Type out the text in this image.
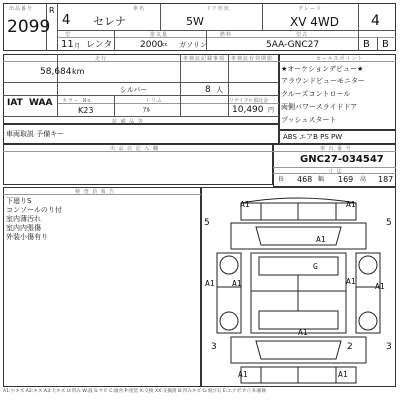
出品番号
2099
R
4
11 月
車名
セレナ
ドア形状
5W
グレード
XV 4WD 4
型	排気量	燃料	型式
レンタ	2000 cc ガソリン	5AA-GNC27	B B
走行	車検証記載事項 車検証有効期限
58,684 km
シルバー	8 人
IAT WAA カラー No.	トリム	リサイクル預託金
K23	ｱﾙ	10,490 円
装 備 品 等
車両取説 予備キー
セールスポイント
★オーケションデビュー★
アラウンドビューモニター
クルーズコントロール
両側パワースライドドア
プッシュスタート
ABS エアB PS PW
出 品 店 記 入 欄	車 台 番 号
GNC27-034547
寸 法
長 468 幅 169 高 187
検 査 員 報 告
下廻りS
コンソールのり付
室内薄汚れ
室内内張傷
外装小傷有り
A1	A1
A1
5	5
A1
A1
G
A1
A1
A1
3	3
2
A1	A1
A1:小キズ A2:キズ A3:大キズ U:凹み W:波 S:サビ C:腐食 P:塗装 X:交換 XX:交換済 B:凹みキズ G:飛び石 E:エクボ Y:穴 R:補修
